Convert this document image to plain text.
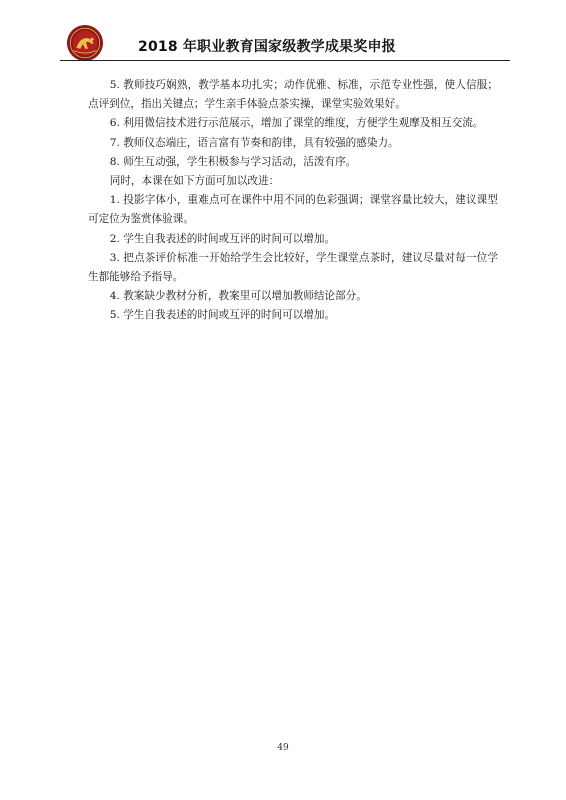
2018 年职业教育国家级教学成果奖申报

5. 教师技巧娴熟，教学基本功扎实；动作优雅、标准，示范专业性强，使人信服；点评到位，指出关键点；学生亲手体验点茶实操，课堂实验效果好。

6. 利用微信技术进行示范展示，增加了课堂的维度，方便学生观摩及相互交流。

7. 教师仪态端庄，语言富有节奏和韵律，具有较强的感染力。

8. 师生互动强，学生积极参与学习活动，活泼有序。

同时，本课在如下方面可加以改进：

1. 投影字体小，重难点可在课件中用不同的色彩强调；课堂容量比较大，建议课型可定位为鉴赏体验课。

2. 学生自我表述的时间或互评的时间可以增加。

3. 把点茶评价标准一开始给学生会比较好，学生课堂点茶时，建议尽量对每一位学生都能够给予指导。

4. 教案缺少教材分析，教案里可以增加教师结论部分。

5. 学生自我表述的时间或互评的时间可以增加。

49
